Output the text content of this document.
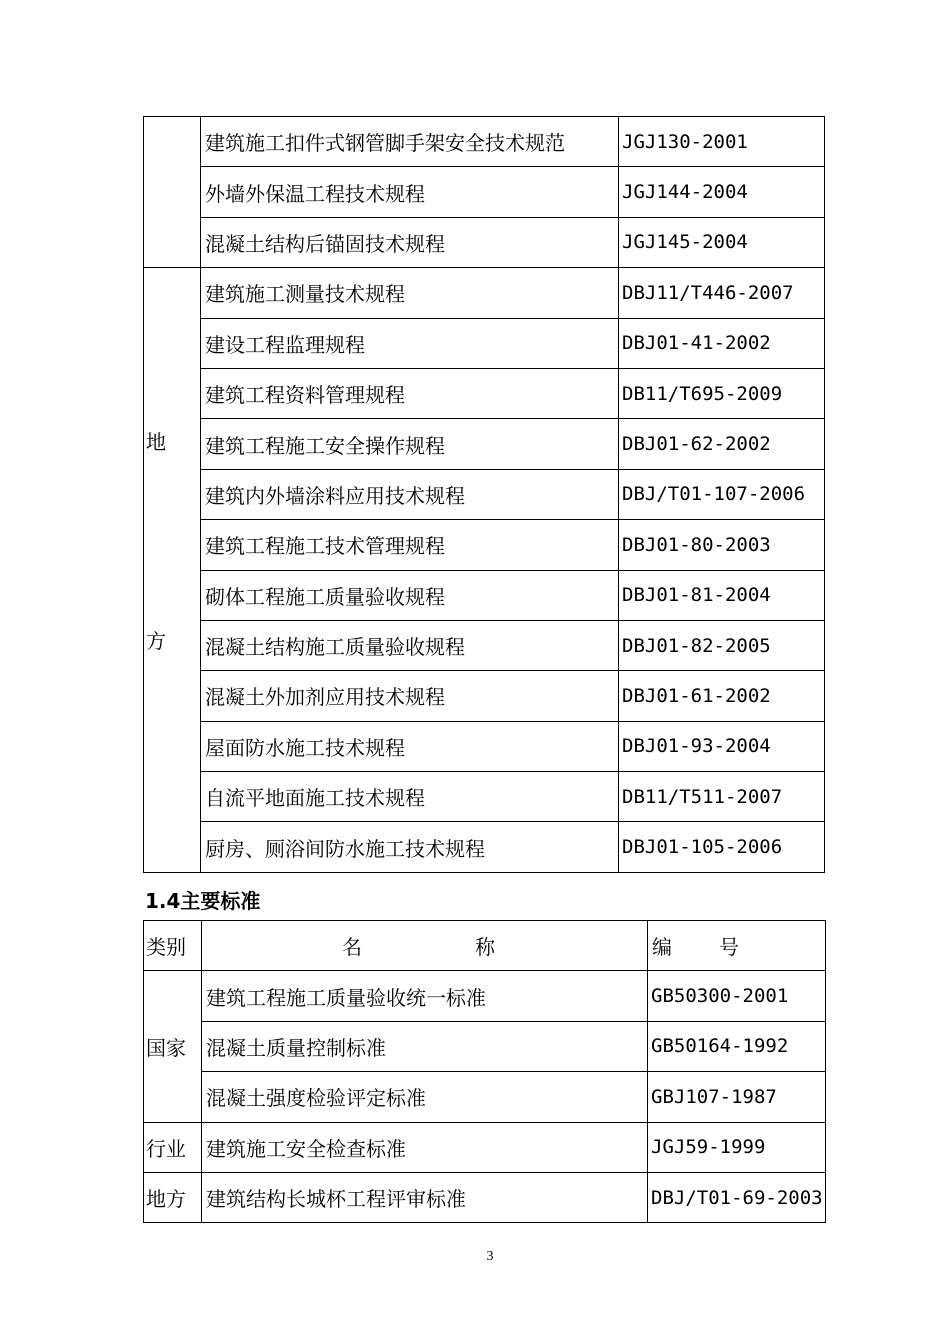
	建筑施工扣件式钢管脚手架安全技术规范	JGJ130-2001
	外墙外保温工程技术规程	JGJ144-2004
	混凝土结构后锚固技术规程	JGJ145-2004

地
方	建筑施工测量技术规程	DBJ11/T446-2007
	建设工程监理规程	DBJ01-41-2002
	建筑工程资料管理规程	DB11/T695-2009
	建筑工程施工安全操作规程	DBJ01-62-2002
	建筑内外墙涂料应用技术规程	DBJ/T01-107-2006
	建筑工程施工技术管理规程	DBJ01-80-2003
	砌体工程施工质量验收规程	DBJ01-81-2004
	混凝土结构施工质量验收规程	DBJ01-82-2005
	混凝土外加剂应用技术规程	DBJ01-61-2002
	屋面防水施工技术规程	DBJ01-93-2004
	自流平地面施工技术规程	DB11/T511-2007
	厨房、厕浴间防水施工技术规程	DBJ01-105-2006
1.4主要标准
类别	名 称	编 号

国家	建筑工程施工质量验收统一标准	GB50300-2001
	混凝土质量控制标准	GB50164-1992
	混凝土强度检验评定标准	GBJ107-1987
行业	建筑施工安全检查标准	JGJ59-1999
地方	建筑结构长城杯工程评审标准	DBJ/T01-69-2003
3
